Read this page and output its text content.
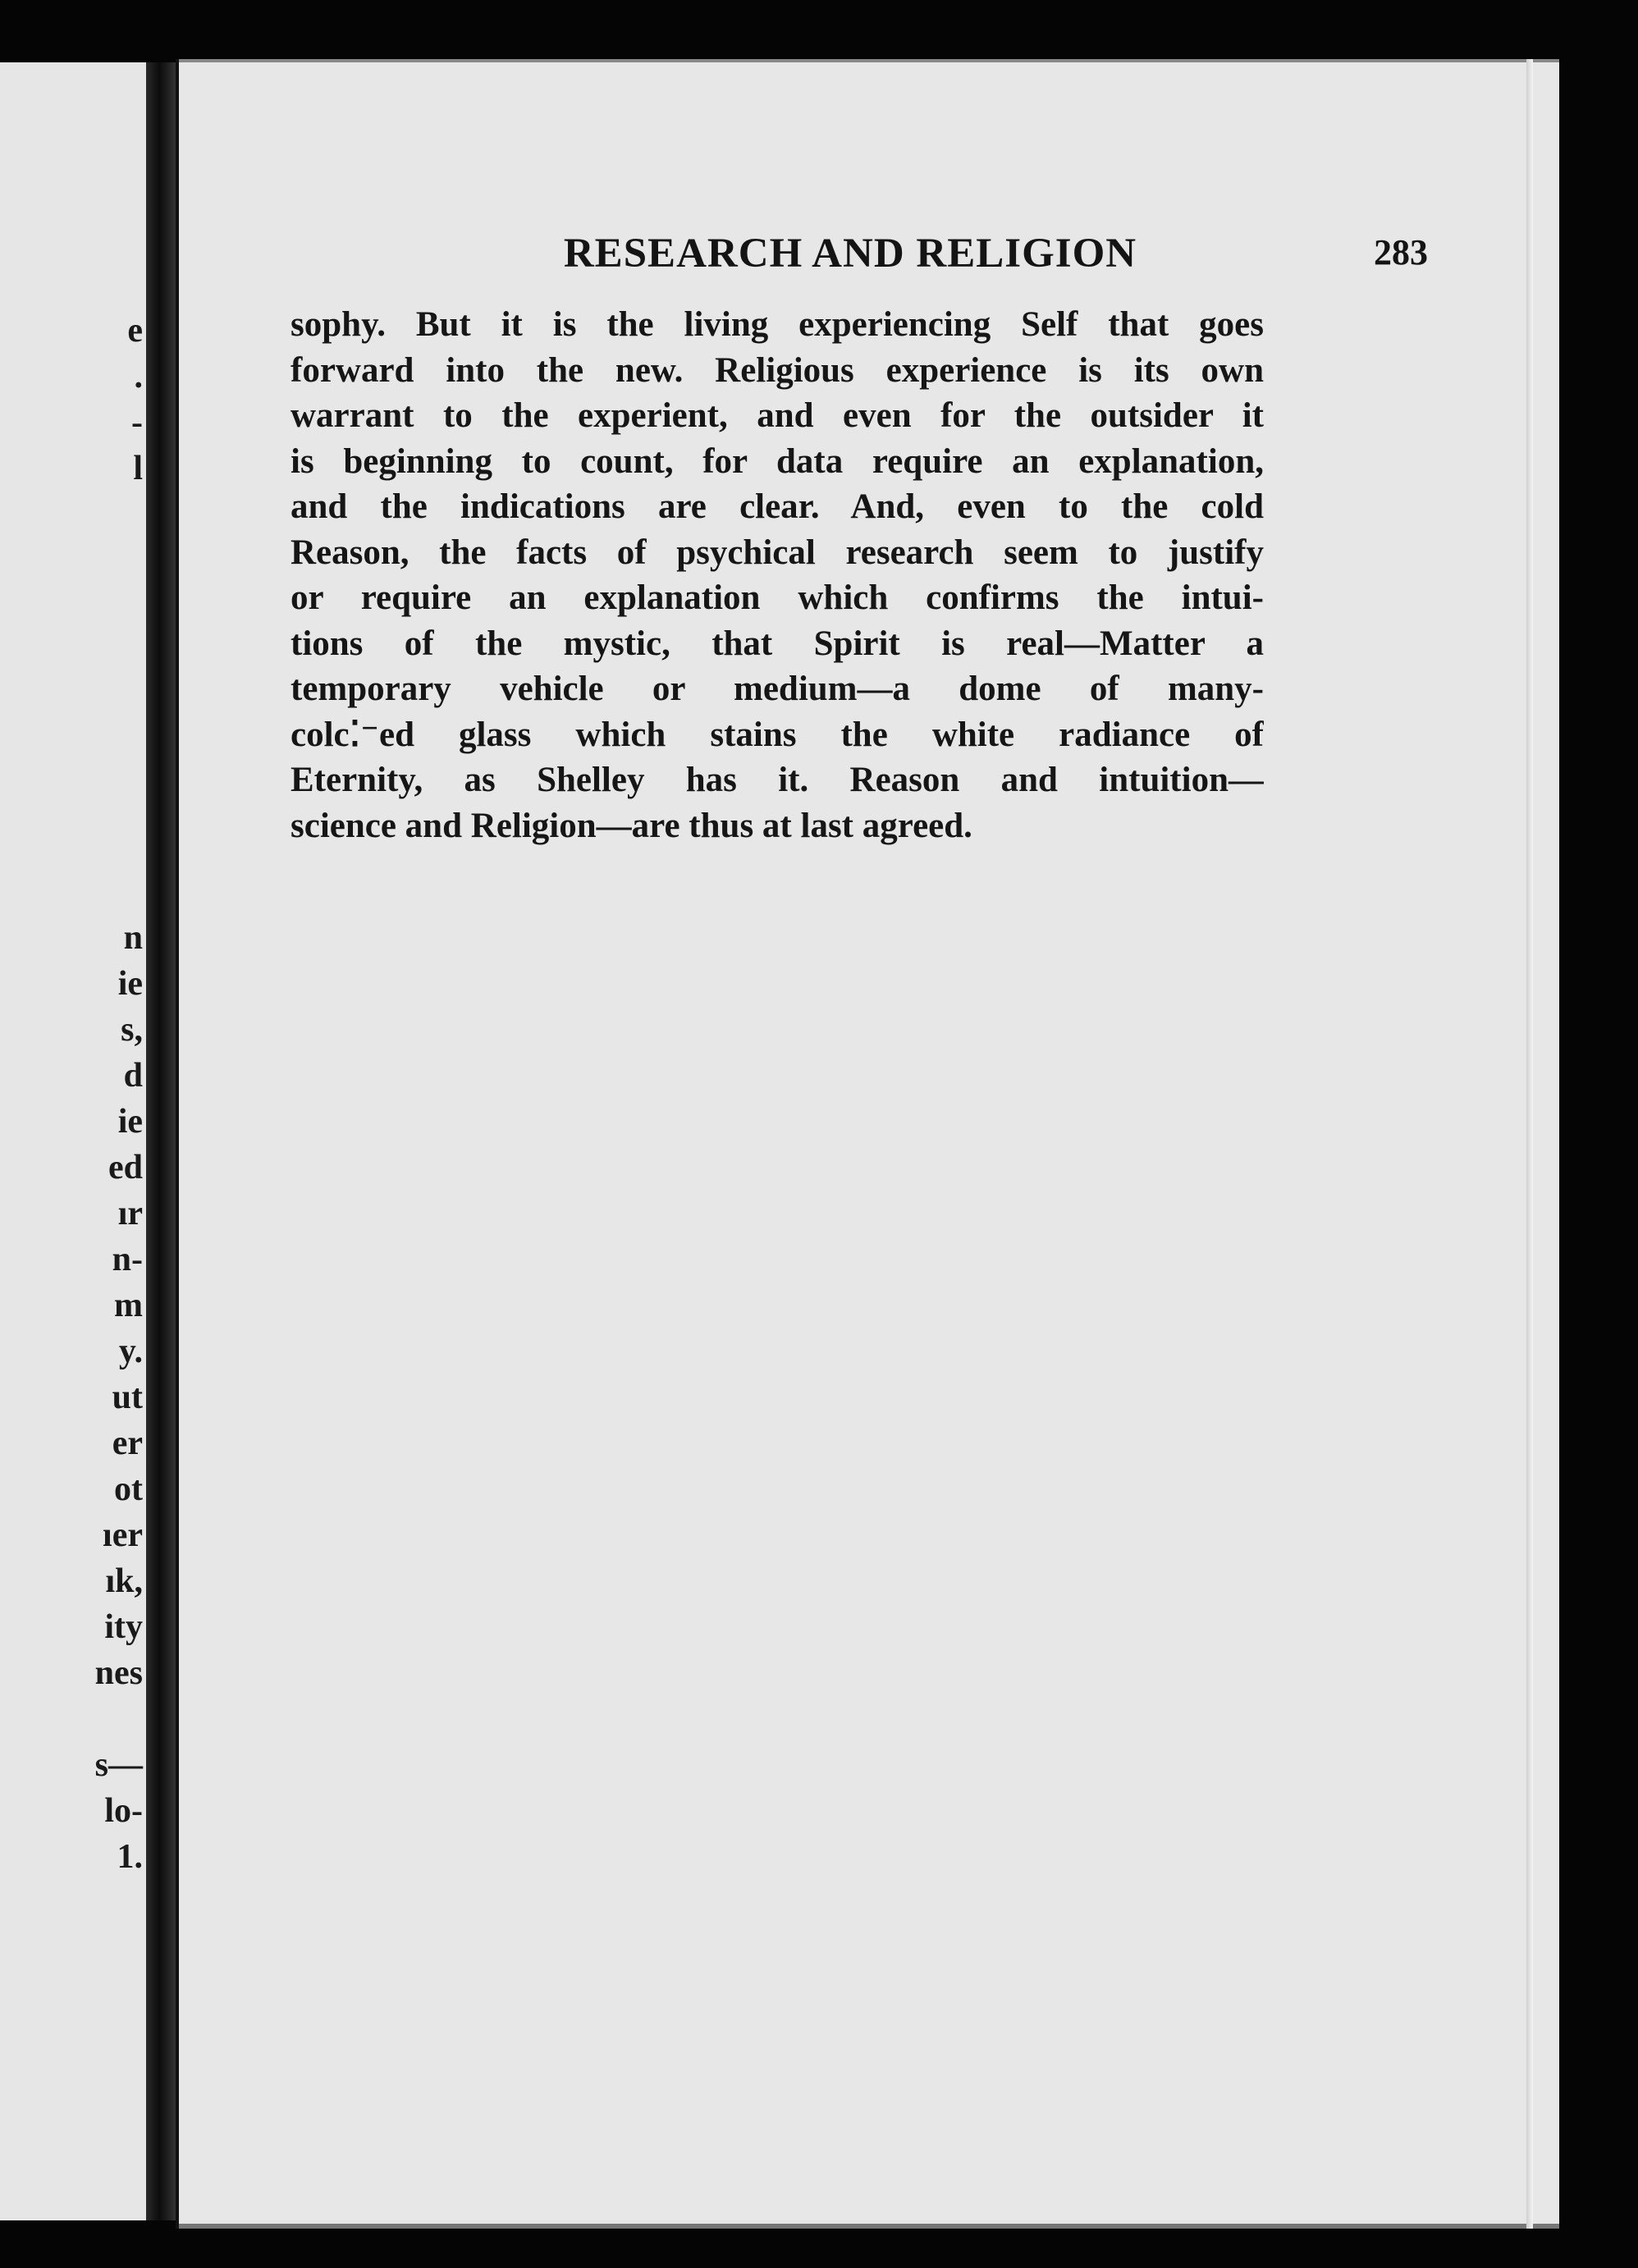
e
.
-
l
n
ie
s,
d
ie
ed
ır
n-
m
y.
ut
er
ot
ıer
ık,
ity
nes
s—
lo-
1.
RESEARCH AND RELIGION	283
sophy. But it is the living experiencing Self that goes
forward into the new. Religious experience is its own
warrant to the experient, and even for the outsider it
is beginning to count, for data require an explanation,
and the indications are clear. And, even to the cold
Reason, the facts of psychical research seem to justify
or require an explanation which confirms the intui-
tions of the mystic, that Spirit is real—Matter a
temporary vehicle or medium—a dome of many-
colc⁚⁻ed glass which stains the white radiance of
Eternity, as Shelley has it. Reason and intuition—
science and Religion—are thus at last agreed.
